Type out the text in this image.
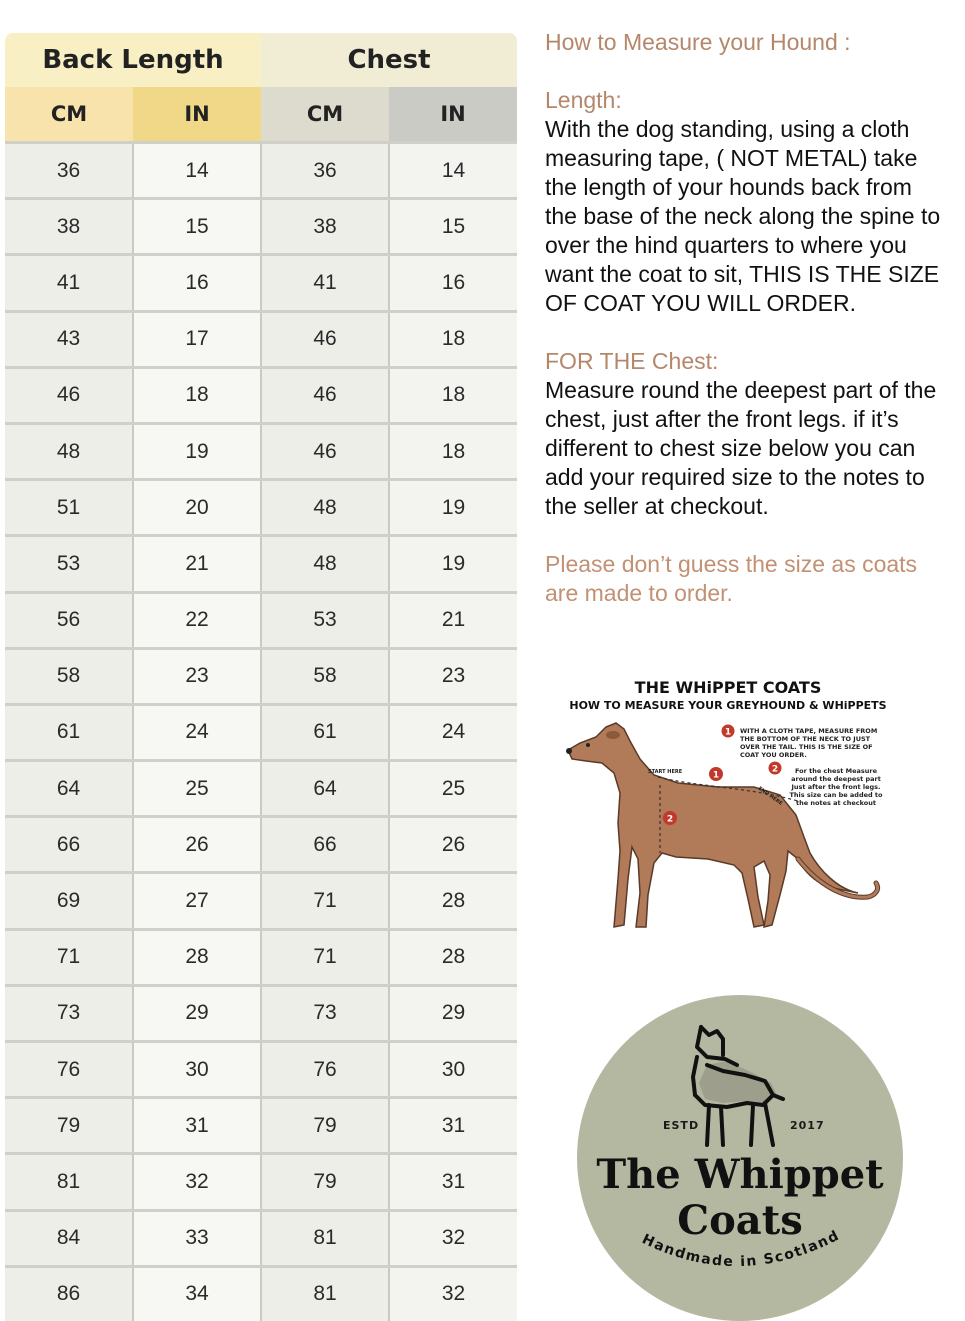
Back Length		Chest	
CM	IN	CM	IN
36	14	36	14
38	15	38	15
41	16	41	16
43	17	46	18
46	18	46	18
48	19	46	18
51	20	48	19
53	21	48	19
56	22	53	21
58	23	58	23
61	24	61	24
64	25	64	25
66	26	66	26
69	27	71	28
71	28	71	28
73	29	73	29
76	30	76	30
79	31	79	31
81	32	79	31
84	33	81	32
86	34	81	32

How to Measure your Hound :

Length:

With the dog standing, using a cloth measuring tape, ( NOT METAL) take the length of your hounds back from the base of the neck along the spine to over the hind quarters to where you want the coat to sit, THIS IS THE SIZE OF COAT YOU WILL ORDER.

FOR THE Chest:

Measure round the deepest part of the chest, just after the front legs. if it’s different to chest size below you can add your required size to the notes to the seller at checkout.

Please don’t guess the size as coats are made to order.

THE WHiPPET COATS
HOW TO MEASURE YOUR GREYHOUND & WHiPPETS
1
2
1
2
START HERE
END HERE
WITH A CLOTH TAPE, MEASURE FROM THE BOTTOM OF THE NECK TO JUST OVER THE TAIL. THIS IS THE SIZE OF COAT YOU ORDER.
For the chest Measure around the deepest part Just after the front legs. This size can be added to the notes at checkout
ESTD	2017
The Whippet
Coats
Handmade in Scotland
